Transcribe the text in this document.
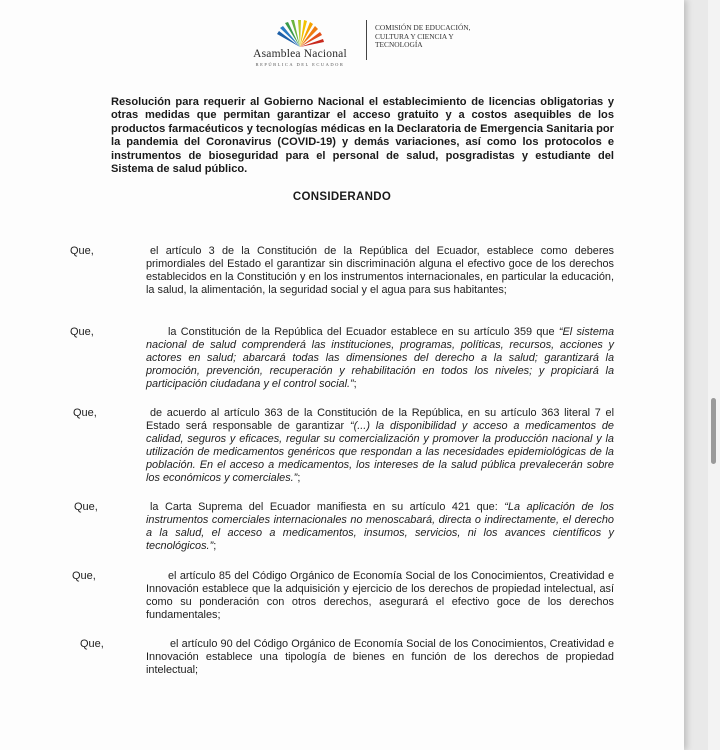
Asamblea Nacional
REPÚBLICA DEL ECUADOR
COMISIÓN DE EDUCACIÓN,
CULTURA Y CIENCIA Y
TECNOLOGÍA

Resolución para requerir al Gobierno Nacional el establecimiento de licencias obligatorias y otras medidas que permitan garantizar el acceso gratuito y a costos asequibles de los productos farmacéuticos y tecnologías médicas en la Declaratoria de Emergencia Sanitaria por la pandemia del Coronavirus (COVID-19) y demás variaciones, así como los protocolos e instrumentos de bioseguridad para el personal de salud, posgradistas y estudiante del Sistema de salud público.

CONSIDERANDO

Que,	el artículo 3 de la Constitución de la República del Ecuador, establece como deberes primordiales del Estado el garantizar sin discriminación alguna el efectivo goce de los derechos establecidos en la Constitución y en los instrumentos internacionales, en particular la educación, la salud, la alimentación, la seguridad social y el agua para sus habitantes;

Que,	la Constitución de la República del Ecuador establece en su artículo 359 que “El sistema nacional de salud comprenderá las instituciones, programas, políticas, recursos, acciones y actores en salud; abarcará todas las dimensiones del derecho a la salud; garantizará la promoción, prevención, recuperación y rehabilitación en todos los niveles; y propiciará la participación ciudadana y el control social.”;

Que,	de acuerdo al artículo 363 de la Constitución de la República, en su artículo 363 literal 7 el Estado será responsable de garantizar “(...) la disponibilidad y acceso a medicamentos de calidad, seguros y eficaces, regular su comercialización y promover la producción nacional y la utilización de medicamentos genéricos que respondan a las necesidades epidemiológicas de la población. En el acceso a medicamentos, los intereses de la salud pública prevalecerán sobre los económicos y comerciales.”;

Que,	la Carta Suprema del Ecuador manifiesta en su artículo 421 que: “La aplicación de los instrumentos comerciales internacionales no menoscabará, directa o indirectamente, el derecho a la salud, el acceso a medicamentos, insumos, servicios, ni los avances científicos y tecnológicos.”;

Que,	el artículo 85 del Código Orgánico de Economía Social de los Conocimientos, Creatividad e Innovación establece que la adquisición y ejercicio de los derechos de propiedad intelectual, así como su ponderación con otros derechos, asegurará el efectivo goce de los derechos fundamentales;

Que,	el artículo 90 del Código Orgánico de Economía Social de los Conocimientos, Creatividad e Innovación establece una tipología de bienes en función de los derechos de propiedad intelectual;
